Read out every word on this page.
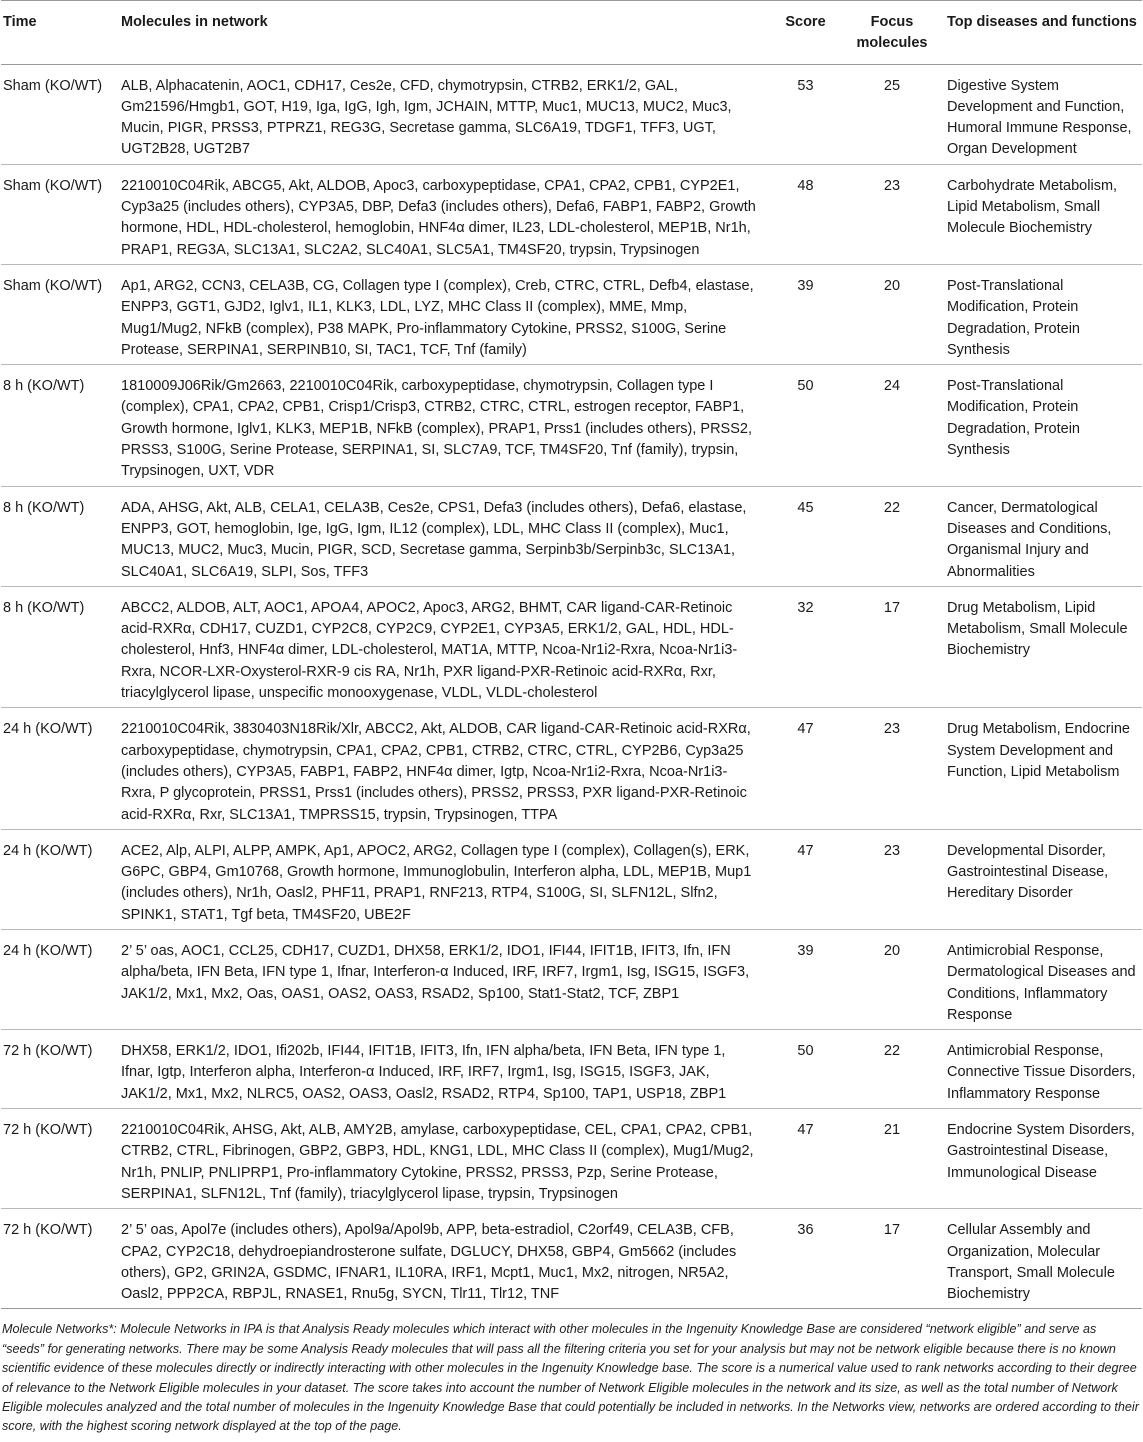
Time	Molecules in network	Score	Focus molecules	Top diseases and functions
Sham (KO/WT)	ALB, Alphacatenin, AOC1, CDH17, Ces2e, CFD, chymotrypsin, CTRB2, ERK1/2, GAL, Gm21596/Hmgb1, GOT, H19, Iga, IgG, Igh, Igm, JCHAIN, MTTP, Muc1, MUC13, MUC2, Muc3, Mucin, PIGR, PRSS3, PTPRZ1, REG3G, Secretase gamma, SLC6A19, TDGF1, TFF3, UGT, UGT2B28, UGT2B7	53	25	Digestive System Development and Function, Humoral Immune Response, Organ Development
Sham (KO/WT)	2210010C04Rik, ABCG5, Akt, ALDOB, Apoc3, carboxypeptidase, CPA1, CPA2, CPB1, CYP2E1, Cyp3a25 (includes others), CYP3A5, DBP, Defa3 (includes others), Defa6, FABP1, FABP2, Growth hormone, HDL, HDL-cholesterol, hemoglobin, HNF4α dimer, IL23, LDL-cholesterol, MEP1B, Nr1h, PRAP1, REG3A, SLC13A1, SLC2A2, SLC40A1, SLC5A1, TM4SF20, trypsin, Trypsinogen	48	23	Carbohydrate Metabolism, Lipid Metabolism, Small Molecule Biochemistry
Sham (KO/WT)	Ap1, ARG2, CCN3, CELA3B, CG, Collagen type I (complex), Creb, CTRC, CTRL, Defb4, elastase, ENPP3, GGT1, GJD2, Iglv1, IL1, KLK3, LDL, LYZ, MHC Class II (complex), MME, Mmp, Mug1/Mug2, NFkB (complex), P38 MAPK, Pro-inflammatory Cytokine, PRSS2, S100G, Serine Protease, SERPINA1, SERPINB10, SI, TAC1, TCF, Tnf (family)	39	20	Post-Translational Modification, Protein Degradation, Protein Synthesis
8 h (KO/WT)	1810009J06Rik/Gm2663, 2210010C04Rik, carboxypeptidase, chymotrypsin, Collagen type I (complex), CPA1, CPA2, CPB1, Crisp1/Crisp3, CTRB2, CTRC, CTRL, estrogen receptor, FABP1, Growth hormone, Iglv1, KLK3, MEP1B, NFkB (complex), PRAP1, Prss1 (includes others), PRSS2, PRSS3, S100G, Serine Protease, SERPINA1, SI, SLC7A9, TCF, TM4SF20, Tnf (family), trypsin, Trypsinogen, UXT, VDR	50	24	Post-Translational Modification, Protein Degradation, Protein Synthesis
8 h (KO/WT)	ADA, AHSG, Akt, ALB, CELA1, CELA3B, Ces2e, CPS1, Defa3 (includes others), Defa6, elastase, ENPP3, GOT, hemoglobin, Ige, IgG, Igm, IL12 (complex), LDL, MHC Class II (complex), Muc1, MUC13, MUC2, Muc3, Mucin, PIGR, SCD, Secretase gamma, Serpinb3b/Serpinb3c, SLC13A1, SLC40A1, SLC6A19, SLPI, Sos, TFF3	45	22	Cancer, Dermatological Diseases and Conditions, Organismal Injury and Abnormalities
8 h (KO/WT)	ABCC2, ALDOB, ALT, AOC1, APOA4, APOC2, Apoc3, ARG2, BHMT, CAR ligand-CAR-Retinoic acid-RXRα, CDH17, CUZD1, CYP2C8, CYP2C9, CYP2E1, CYP3A5, ERK1/2, GAL, HDL, HDL-cholesterol, Hnf3, HNF4α dimer, LDL-cholesterol, MAT1A, MTTP, Ncoa-Nr1i2-Rxra, Ncoa-Nr1i3-Rxra, NCOR-LXR-Oxysterol-RXR-9 cis RA, Nr1h, PXR ligand-PXR-Retinoic acid-RXRα, Rxr, triacylglycerol lipase, unspecific monooxygenase, VLDL, VLDL-cholesterol	32	17	Drug Metabolism, Lipid Metabolism, Small Molecule Biochemistry
24 h (KO/WT)	2210010C04Rik, 3830403N18Rik/Xlr, ABCC2, Akt, ALDOB, CAR ligand-CAR-Retinoic acid-RXRα, carboxypeptidase, chymotrypsin, CPA1, CPA2, CPB1, CTRB2, CTRC, CTRL, CYP2B6, Cyp3a25 (includes others), CYP3A5, FABP1, FABP2, HNF4α dimer, Igtp, Ncoa-Nr1i2-Rxra, Ncoa-Nr1i3-Rxra, P glycoprotein, PRSS1, Prss1 (includes others), PRSS2, PRSS3, PXR ligand-PXR-Retinoic acid-RXRα, Rxr, SLC13A1, TMPRSS15, trypsin, Trypsinogen, TTPA	47	23	Drug Metabolism, Endocrine System Development and Function, Lipid Metabolism
24 h (KO/WT)	ACE2, Alp, ALPI, ALPP, AMPK, Ap1, APOC2, ARG2, Collagen type I (complex), Collagen(s), ERK, G6PC, GBP4, Gm10768, Growth hormone, Immunoglobulin, Interferon alpha, LDL, MEP1B, Mup1 (includes others), Nr1h, Oasl2, PHF11, PRAP1, RNF213, RTP4, S100G, SI, SLFN12L, Slfn2, SPINK1, STAT1, Tgf beta, TM4SF20, UBE2F	47	23	Developmental Disorder, Gastrointestinal Disease, Hereditary Disorder
24 h (KO/WT)	2’ 5’ oas, AOC1, CCL25, CDH17, CUZD1, DHX58, ERK1/2, IDO1, IFI44, IFIT1B, IFIT3, Ifn, IFN alpha/beta, IFN Beta, IFN type 1, Ifnar, Interferon-α Induced, IRF, IRF7, Irgm1, Isg, ISG15, ISGF3, JAK1/2, Mx1, Mx2, Oas, OAS1, OAS2, OAS3, RSAD2, Sp100, Stat1-Stat2, TCF, ZBP1	39	20	Antimicrobial Response, Dermatological Diseases and Conditions, Inflammatory Response
72 h (KO/WT)	DHX58, ERK1/2, IDO1, Ifi202b, IFI44, IFIT1B, IFIT3, Ifn, IFN alpha/beta, IFN Beta, IFN type 1, Ifnar, Igtp, Interferon alpha, Interferon-α Induced, IRF, IRF7, Irgm1, Isg, ISG15, ISGF3, JAK, JAK1/2, Mx1, Mx2, NLRC5, OAS2, OAS3, Oasl2, RSAD2, RTP4, Sp100, TAP1, USP18, ZBP1	50	22	Antimicrobial Response, Connective Tissue Disorders, Inflammatory Response
72 h (KO/WT)	2210010C04Rik, AHSG, Akt, ALB, AMY2B, amylase, carboxypeptidase, CEL, CPA1, CPA2, CPB1, CTRB2, CTRL, Fibrinogen, GBP2, GBP3, HDL, KNG1, LDL, MHC Class II (complex), Mug1/Mug2, Nr1h, PNLIP, PNLIPRP1, Pro-inflammatory Cytokine, PRSS2, PRSS3, Pzp, Serine Protease, SERPINA1, SLFN12L, Tnf (family), triacylglycerol lipase, trypsin, Trypsinogen	47	21	Endocrine System Disorders, Gastrointestinal Disease, Immunological Disease
72 h (KO/WT)	2’ 5’ oas, Apol7e (includes others), Apol9a/Apol9b, APP, beta-estradiol, C2orf49, CELA3B, CFB, CPA2, CYP2C18, dehydroepiandrosterone sulfate, DGLUCY, DHX58, GBP4, Gm5662 (includes others), GP2, GRIN2A, GSDMC, IFNAR1, IL10RA, IRF1, Mcpt1, Muc1, Mx2, nitrogen, NR5A2, Oasl2, PPP2CA, RBPJL, RNASE1, Rnu5g, SYCN, Tlr11, Tlr12, TNF	36	17	Cellular Assembly and Organization, Molecular Transport, Small Molecule Biochemistry
Molecule Networks*: Molecule Networks in IPA is that Analysis Ready molecules which interact with other molecules in the Ingenuity Knowledge Base are considered “network eligible” and serve as “seeds” for generating networks. There may be some Analysis Ready molecules that will pass all the filtering criteria you set for your analysis but may not be network eligible because there is no known scientific evidence of these molecules directly or indirectly interacting with other molecules in the Ingenuity Knowledge base. The score is a numerical value used to rank networks according to their degree of relevance to the Network Eligible molecules in your dataset. The score takes into account the number of Network Eligible molecules in the network and its size, as well as the total number of Network Eligible molecules analyzed and the total number of molecules in the Ingenuity Knowledge Base that could potentially be included in networks. In the Networks view, networks are ordered according to their score, with the highest scoring network displayed at the top of the page.
